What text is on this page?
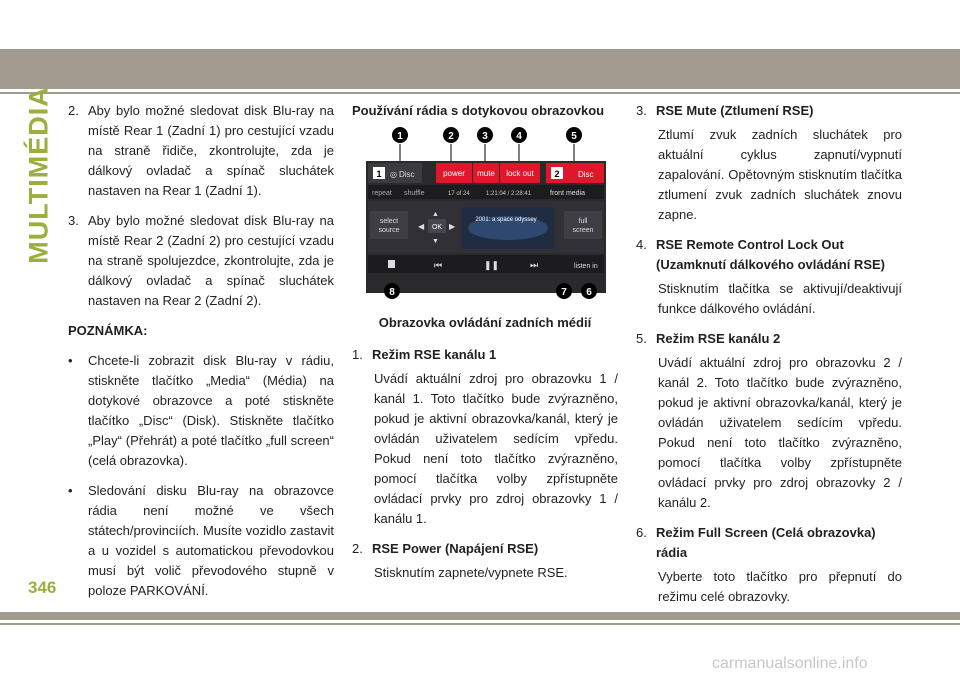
MULTIMÉDIA 2. Aby bylo možné sledovat disk Blu-ray na místě Rear 1 (Zadní 1) pro cestující vzadu na straně řidiče, zkontrolujte, zda je dálkový ovladač a spínač sluchátek nastaven na Rear 1 (Zadní 1).
3. Aby bylo možné sledovat disk Blu-ray na místě Rear 2 (Zadní 2) pro cestující vzadu na straně spolujezdce, zkontrolujte, zda je dálkový ovladač a spínač sluchátek nastaven na Rear 2 (Zadní 2).
POZNÁMKA:
• Chcete-li zobrazit disk Blu-ray v rádiu, stiskněte tlačítko „Media“ (Média) na dotykové obrazovce a poté stiskněte tlačítko „Disc“ (Disk). Stiskněte tlačítko „Play“ (Přehrát) a poté tlačítko „full screen“ (celá obrazovka).
• Sledování disku Blu-ray na obrazovce rádia není možné ve všech státech/provinciích. Musíte vozidlo zastavit a u vozidel s automatickou převodovkou musí být volič převodového stupně v poloze PARKOVÁNÍ.
Používání rádia s dotykovou obrazovkou
1	2	3	4	5
1 ◎ Disc	power mute lock out 2 Disc
repeat shuffle	17 of 24	1:21:04 / 2:28:41	front media
select
source ◀ OK ▶
▲
▼
2001: a space odyssey	full
screen
⏮	❚❚	⏭	listen in
8	7 6
Obrazovka ovládání zadních médií
1. Režim RSE kanálu 1
Uvádí aktuální zdroj pro obrazovku 1 / kanál 1. Toto tlačítko bude zvýrazněno, pokud je aktivní obrazovka/kanál, který je ovládán uživatelem sedícím vpředu. Pokud není toto tlačítko zvýrazněno, pomocí tlačítka volby zpřístupněte ovládací prvky pro zdroj obrazovky 1 / kanálu 1.
2. RSE Power (Napájení RSE)
Stisknutím zapnete/vypnete RSE.
3. RSE Mute (Ztlumení RSE)
Ztlumí zvuk zadních sluchátek pro aktuální cyklus zapnutí/vypnutí zapalování. Opětovným stisknutím tlačítka ztlumení zvuk zadních sluchátek znovu zapne.
4. RSE Remote Control Lock Out (Uzamknutí dálkového ovládání RSE)
Stisknutím tlačítka se aktivují/deaktivují funkce dálkového ovládání.
5. Režim RSE kanálu 2
Uvádí aktuální zdroj pro obrazovku 2 / kanál 2. Toto tlačítko bude zvýrazněno, pokud je aktivní obrazovka/kanál, který je ovládán uživatelem sedícím vpředu. Pokud není toto tlačítko zvýrazněno, pomocí tlačítka volby zpřístupněte ovládací prvky pro zdroj obrazovky 2 / kanálu 2.
6. Režim Full Screen (Celá obrazovka) rádia
Vyberte toto tlačítko pro přepnutí do režimu celé obrazovky.
346
carmanualsonline.info
